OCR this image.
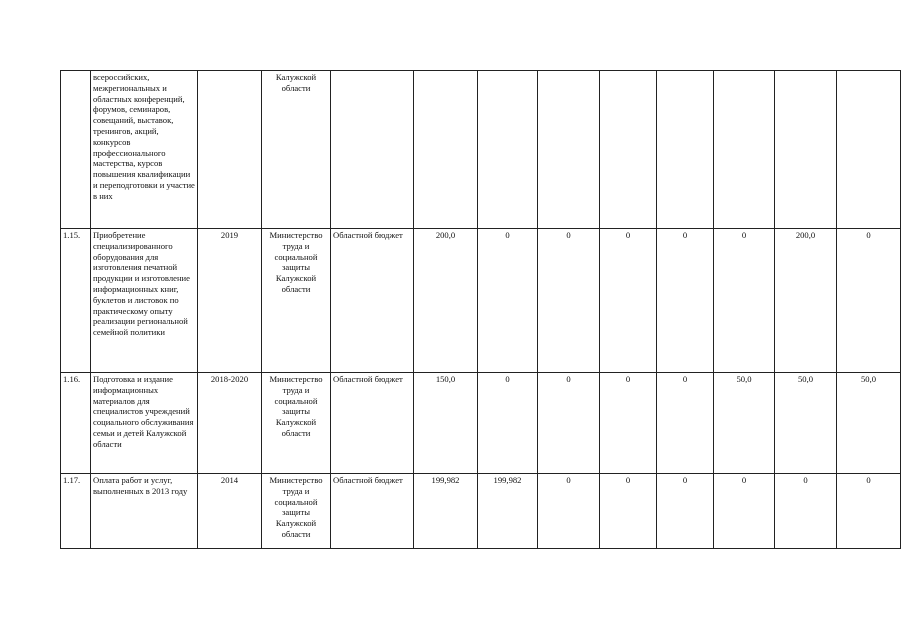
	всероссийских, межрегиональных и областных конференций, форумов, семинаров, совещаний, выставок, тренингов, акций, конкурсов профессионального мастерства, курсов повышения квалификации и переподготовки и участие в них		Калужской области									
1.15.	Приобретение специализированного оборудования для изготовления печатной продукции и изготовление информационных книг, буклетов и листовок по практическому опыту реализации региональной семейной политики	2019	Министерство труда и социальной защиты Калужской области	Областной бюджет	200,0	0	0	0	0	0	200,0	0
1.16.	Подготовка и издание информационных материалов для специалистов учреждений социального обслуживания семьи и детей Калужской области	2018-2020	Министерство труда и социальной защиты Калужской области	Областной бюджет	150,0	0	0	0	0	50,0	50,0	50,0
1.17.	Оплата работ и услуг, выполненных в 2013 году	2014	Министерство труда и социальной защиты Калужской области	Областной бюджет	199,982	199,982	0	0	0	0	0	0
